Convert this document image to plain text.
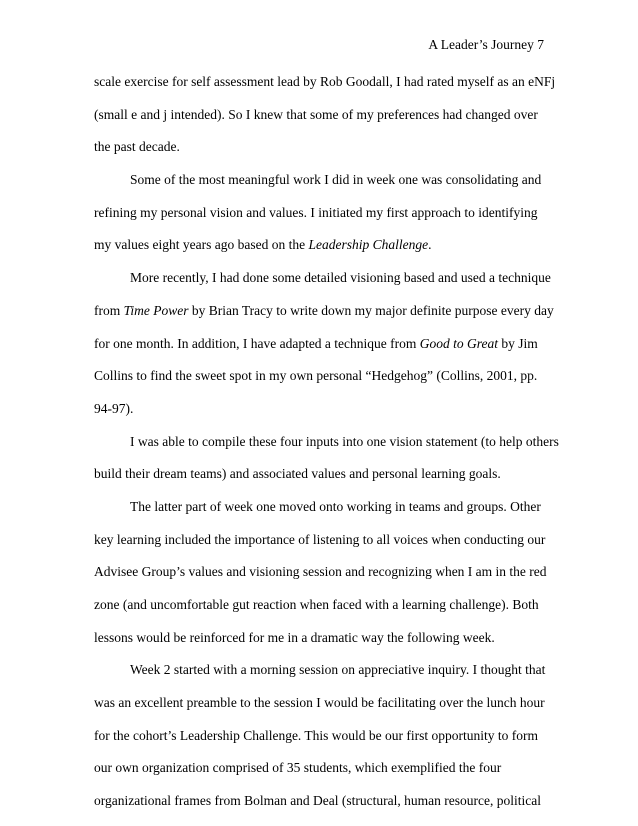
A Leader’s Journey 7
scale exercise for self assessment lead by Rob Goodall, I had rated myself as an eNFj
(small e and j intended). So I knew that some of my preferences had changed over
the past decade.
Some of the most meaningful work I did in week one was consolidating and
refining my personal vision and values. I initiated my first approach to identifying
my values eight years ago based on the Leadership Challenge.
More recently, I had done some detailed visioning based and used a technique
from Time Power by Brian Tracy to write down my major definite purpose every day
for one month. In addition, I have adapted a technique from Good to Great by Jim
Collins to find the sweet spot in my own personal “Hedgehog” (Collins, 2001, pp.
94-97).
I was able to compile these four inputs into one vision statement (to help others
build their dream teams) and associated values and personal learning goals.
The latter part of week one moved onto working in teams and groups. Other
key learning included the importance of listening to all voices when conducting our
Advisee Group’s values and visioning session and recognizing when I am in the red
zone (and uncomfortable gut reaction when faced with a learning challenge). Both
lessons would be reinforced for me in a dramatic way the following week.
Week 2 started with a morning session on appreciative inquiry. I thought that
was an excellent preamble to the session I would be facilitating over the lunch hour
for the cohort’s Leadership Challenge. This would be our first opportunity to form
our own organization comprised of 35 students, which exemplified the four
organizational frames from Bolman and Deal (structural, human resource, political
